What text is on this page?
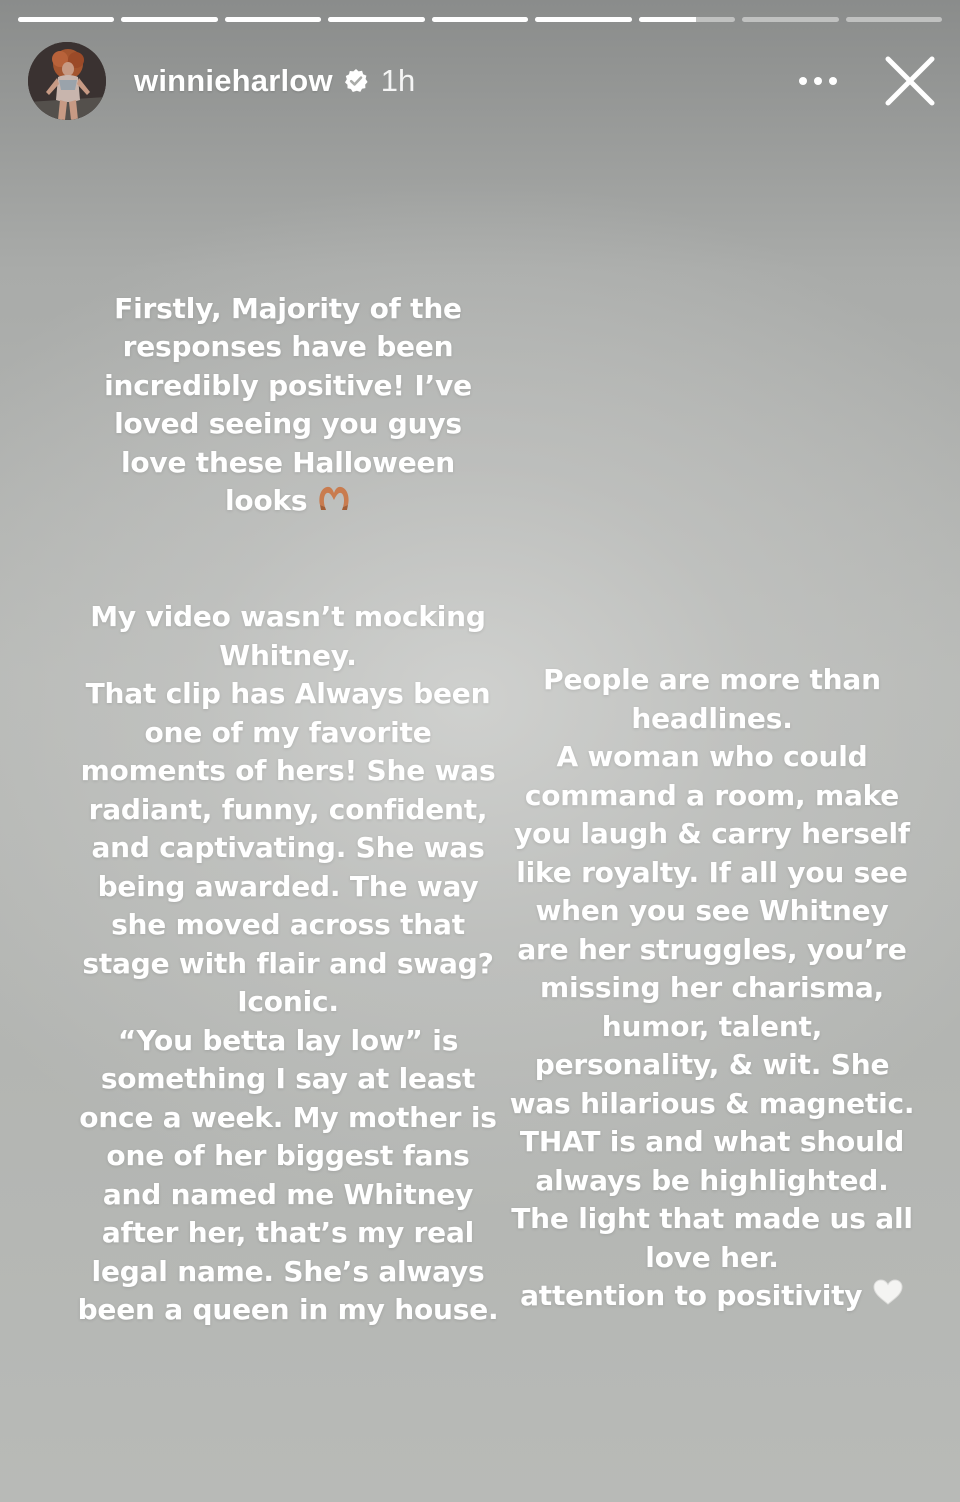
winnieharlow 1h

Firstly, Majority of the
responses have been
incredibly positive! I’ve
loved seeing you guys
love these Halloween
looks

My video wasn’t mocking
Whitney.
That clip has Always been
one of my favorite
moments of hers! She was
radiant, funny, confident,
and captivating. She was
being awarded. The way
she moved across that
stage with flair and swag?
Iconic.
“You betta lay low” is
something I say at least
once a week. My mother is
one of her biggest fans
and named me Whitney
after her, that’s my real
legal name. She’s always
been a queen in my house.

People are more than
headlines.
A woman who could
command a room, make
you laugh & carry herself
like royalty. If all you see
when you see Whitney
are her struggles, you’re
missing her charisma,
humor, talent,
personality, & wit. She
was hilarious & magnetic.
THAT is and what should
always be highlighted.
The light that made us all
love her.
attention to positivity
